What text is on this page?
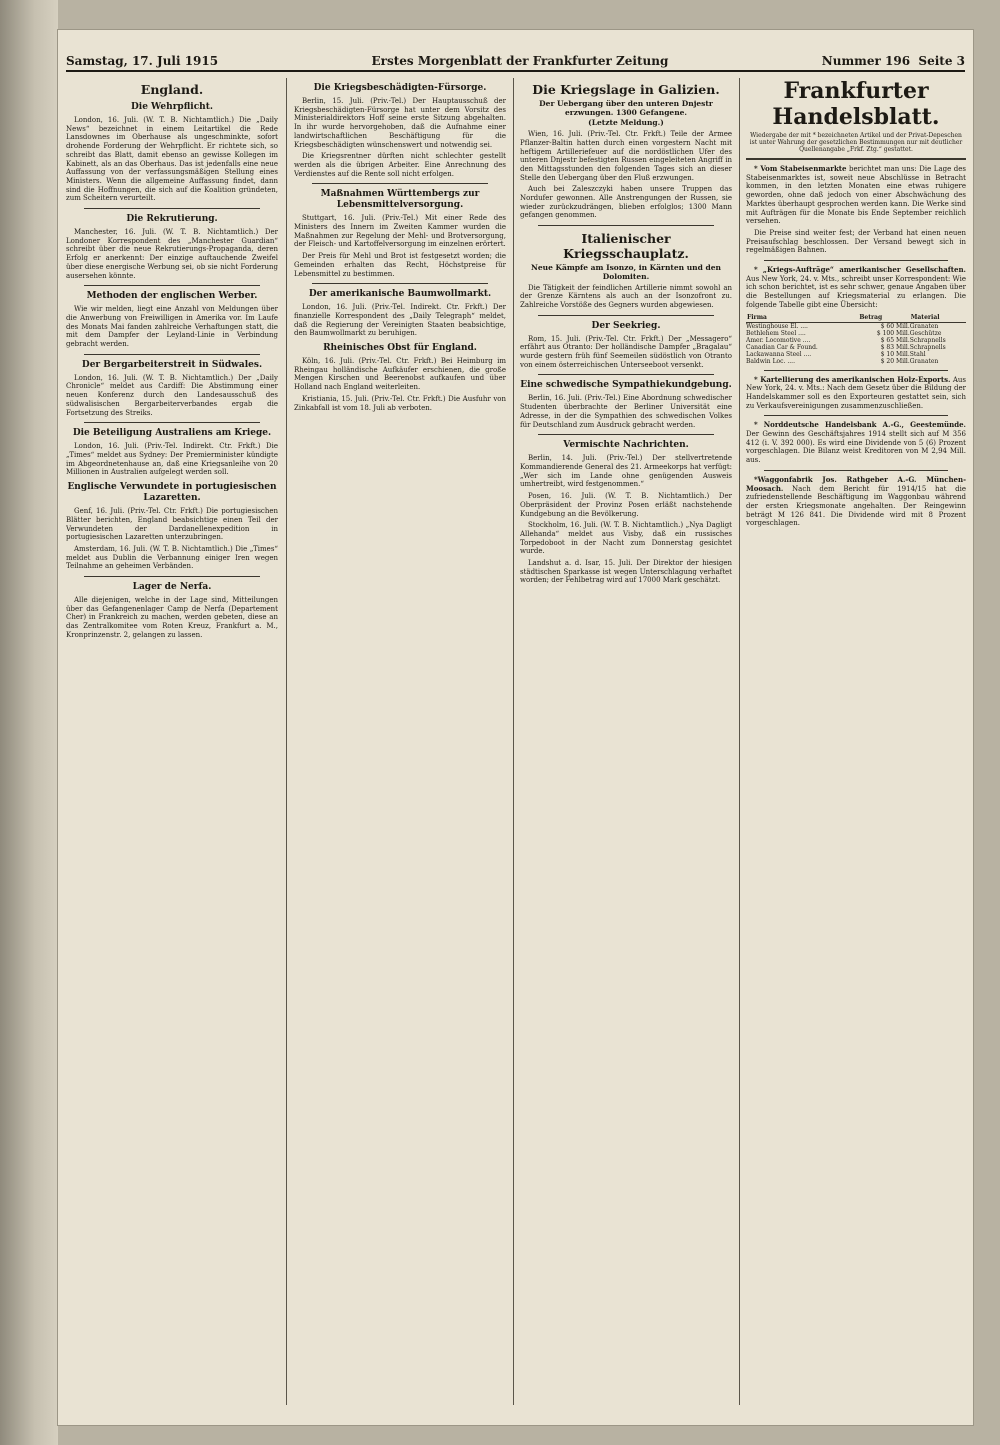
Samstag, 17. Juli 1915	Erstes Morgenblatt der Frankfurter Zeitung	Nummer 196 Seite 3
England.
Die Wehrpflicht.

London, 16. Juli. (W. T. B. Nichtamtlich.) Die „Daily News“ bezeichnet in einem Leitartikel die Rede Lansdownes im Oberhause als ungeschminkte, sofort drohende Forderung der Wehrpflicht. Er richtete sich, so schreibt das Blatt, damit ebenso an gewisse Kollegen im Kabinett, als an das Oberhaus. Das ist jedenfalls eine neue Auffassung von der verfassungsmäßigen Stellung eines Ministers. Wenn die allgemeine Auffassung findet, dann sind die Hoffnungen, die sich auf die Koalition gründeten, zum Scheitern verurteilt.

Die Rekrutierung.

Manchester, 16. Juli. (W. T. B. Nichtamtlich.) Der Londoner Korrespondent des „Manchester Guardian“ schreibt über die neue Rekrutierungs-Propaganda, deren Erfolg er anerkennt: Der einzige auftauchende Zweifel über diese energische Werbung sei, ob sie nicht Forderung ausersehen könnte.

Methoden der englischen Werber.

Wie wir melden, liegt eine Anzahl von Meldungen über die Anwerbung von Freiwilligen in Amerika vor. Im Laufe des Monats Mai fanden zahlreiche Verhaftungen statt, die mit dem Dampfer der Leyland-Linie in Verbindung gebracht werden.

Der Bergarbeiterstreit in Südwales.

London, 16. Juli. (W. T. B. Nichtamtlich.) Der „Daily Chronicle“ meldet aus Cardiff: Die Abstimmung einer neuen Konferenz durch den Landesausschuß des südwalisischen Bergarbeiterverbandes ergab die Fortsetzung des Streiks.

Die Beteiligung Australiens am Kriege.

London, 16. Juli. (Priv.-Tel. Indirekt. Ctr. Frkft.) Die „Times“ meldet aus Sydney: Der Premierminister kündigte im Abgeordnetenhause an, daß eine Kriegsanleihe von 20 Millionen in Australien aufgelegt werden soll.

Englische Verwundete in portugiesischen Lazaretten.

Genf, 16. Juli. (Priv.-Tel. Ctr. Frkft.) Die portugiesischen Blätter berichten, England beabsichtige einen Teil der Verwundeten der Dardanellenexpedition in portugiesischen Lazaretten unterzubringen.

Amsterdam, 16. Juli. (W. T. B. Nichtamtlich.) Die „Times“ meldet aus Dublin die Verbannung einiger Iren wegen Teilnahme an geheimen Verbänden.

Lager de Nerfa.

Alle diejenigen, welche in der Lage sind, Mitteilungen über das Gefangenenlager Camp de Nerfa (Departement Cher) in Frankreich zu machen, werden gebeten, diese an das Zentralkomitee vom Roten Kreuz, Frankfurt a. M., Kronprinzenstr. 2, gelangen zu lassen.

Die Kriegsbeschädigten-Fürsorge.

Berlin, 15. Juli. (Priv.-Tel.) Der Hauptausschuß der Kriegsbeschädigten-Fürsorge hat unter dem Vorsitz des Ministerialdirektors Hoff seine erste Sitzung abgehalten. In ihr wurde hervorgehoben, daß die Aufnahme einer landwirtschaftlichen Beschäftigung für die Kriegsbeschädigten wünschenswert und notwendig sei.

Die Kriegsrentner dürften nicht schlechter gestellt werden als die übrigen Arbeiter. Eine Anrechnung des Verdienstes auf die Rente soll nicht erfolgen.

Maßnahmen Württembergs zur Lebensmittelversorgung.

Stuttgart, 16. Juli. (Priv.-Tel.) Mit einer Rede des Ministers des Innern im Zweiten Kammer wurden die Maßnahmen zur Regelung der Mehl- und Brotversorgung, der Fleisch- und Kartoffelversorgung im einzelnen erörtert.

Der Preis für Mehl und Brot ist festgesetzt worden; die Gemeinden erhalten das Recht, Höchstpreise für Lebensmittel zu bestimmen.

Der amerikanische Baumwollmarkt.

London, 16. Juli. (Priv.-Tel. Indirekt. Ctr. Frkft.) Der finanzielle Korrespondent des „Daily Telegraph“ meldet, daß die Regierung der Vereinigten Staaten beabsichtige, den Baumwollmarkt zu beruhigen.

Rheinisches Obst für England.

Köln, 16. Juli. (Priv.-Tel. Ctr. Frkft.) Bei Heimburg im Rheingau holländische Aufkäufer erschienen, die große Mengen Kirschen und Beerenobst aufkaufen und über Holland nach England weiterleiten.

Kristiania, 15. Juli. (Priv.-Tel. Ctr. Frkft.) Die Ausfuhr von Zinkabfall ist vom 18. Juli ab verboten.

Die Kriegslage in Galizien.
Der Uebergang über den unteren Dnjestr erzwungen. 1300 Gefangene.
(Letzte Meldung.)

Wien, 16. Juli. (Priv.-Tel. Ctr. Frkft.) Teile der Armee Pflanzer-Baltin hatten durch einen vorgestern Nacht mit heftigem Artilleriefeuer auf die nordöstlichen Ufer des unteren Dnjestr befestigten Russen eingeleiteten Angriff in den Mittagsstunden den folgenden Tages sich an dieser Stelle den Uebergang über den Fluß erzwungen.

Auch bei Zaleszczyki haben unsere Truppen das Nordufer gewonnen. Alle Anstrengungen der Russen, sie wieder zurückzudrängen, blieben erfolglos; 1300 Mann gefangen genommen.

Italienischer Kriegsschauplatz.
Neue Kämpfe am Isonzo, in Kärnten und den Dolomiten.

Die Tätigkeit der feindlichen Artillerie nimmt sowohl an der Grenze Kärntens als auch an der Isonzofront zu. Zahlreiche Vorstöße des Gegners wurden abgewiesen.

Der Seekrieg.

Rom, 15. Juli. (Priv.-Tel. Ctr. Frkft.) Der „Messagero“ erfährt aus Otranto: Der holländische Dampfer „Bragalau“ wurde gestern früh fünf Seemeilen südöstlich von Otranto von einem österreichischen Unterseeboot versenkt.

Eine schwedische Sympathiekundgebung.

Berlin, 16. Juli. (Priv.-Tel.) Eine Abordnung schwedischer Studenten überbrachte der Berliner Universität eine Adresse, in der die Sympathien des schwedischen Volkes für Deutschland zum Ausdruck gebracht werden.

Vermischte Nachrichten.

Berlin, 14. Juli. (Priv.-Tel.) Der stellvertretende Kommandierende General des 21. Armeekorps hat verfügt: „Wer sich im Lande ohne genügenden Ausweis umhertreibt, wird festgenommen.“

Posen, 16. Juli. (W. T. B. Nichtamtlich.) Der Oberpräsident der Provinz Posen erläßt nachstehende Kundgebung an die Bevölkerung.

Stockholm, 16. Juli. (W. T. B. Nichtamtlich.) „Nya Dagligt Allehanda“ meldet aus Visby, daß ein russisches Torpedoboot in der Nacht zum Donnerstag gesichtet wurde.

Landshut a. d. Isar, 15. Juli. Der Direktor der hiesigen städtischen Sparkasse ist wegen Unterschlagung verhaftet worden; der Fehlbetrag wird auf 17000 Mark geschätzt.

Frankfurter Handelsblatt.
Wiedergabe der mit * bezeichneten Artikel und der Privat-Depeschen ist unter Wahrung der gesetzlichen Bestimmungen nur mit deutlicher Quellenangabe „Frkf. Ztg.“ gestattet.

* Vom Stabeisenmarkte berichtet man uns: Die Lage des Stabeisenmarktes ist, soweit neue Abschlüsse in Betracht kommen, in den letzten Monaten eine etwas ruhigere geworden, ohne daß jedoch von einer Abschwächung des Marktes überhaupt gesprochen werden kann. Die Werke sind mit Aufträgen für die Monate bis Ende September reichlich versehen.

Die Preise sind weiter fest; der Verband hat einen neuen Preisaufschlag beschlossen. Der Versand bewegt sich in regelmäßigen Bahnen.

* „Kriegs-Aufträge“ amerikanischer Gesellschaften. Aus New York, 24. v. Mts., schreibt unser Korrespondent: Wie ich schon berichtet, ist es sehr schwer, genaue Angaben über die Bestellungen auf Kriegsmaterial zu erlangen. Die folgende Tabelle gibt eine Übersicht:

Firma	Betrag	Material
Westinghouse El. ....	$ 60 Mill.	Granaten
Bethlehem Steel ....	$ 100 Mill.	Geschütze
Amer. Locomotive ....	$ 65 Mill.	Schrapnells
Canadian Car & Found.	$ 83 Mill.	Schrapnells
Lackawanna Steel ....	$ 10 Mill.	Stahl
Baldwin Loc. ....	$ 20 Mill.	Granaten

* Kartellierung des amerikanischen Holz-Exports. Aus New York, 24. v. Mts.: Nach dem Gesetz über die Bildung der Handelskammer soll es den Exporteuren gestattet sein, sich zu Verkaufsvereinigungen zusammenzuschließen.

* Norddeutsche Handelsbank A.-G., Geestemünde. Der Gewinn des Geschäftsjahres 1914 stellt sich auf M 356 412 (i. V. 392 000). Es wird eine Dividende von 5 (6) Prozent vorgeschlagen. Die Bilanz weist Kreditoren von M 2,94 Mill. aus.

*Waggonfabrik Jos. Rathgeber A.-G. München-Moosach. Nach dem Bericht für 1914/15 hat die zufriedenstellende Beschäftigung im Waggonbau während der ersten Kriegsmonate angehalten. Der Reingewinn beträgt M 126 841. Die Dividende wird mit 8 Prozent vorgeschlagen.
